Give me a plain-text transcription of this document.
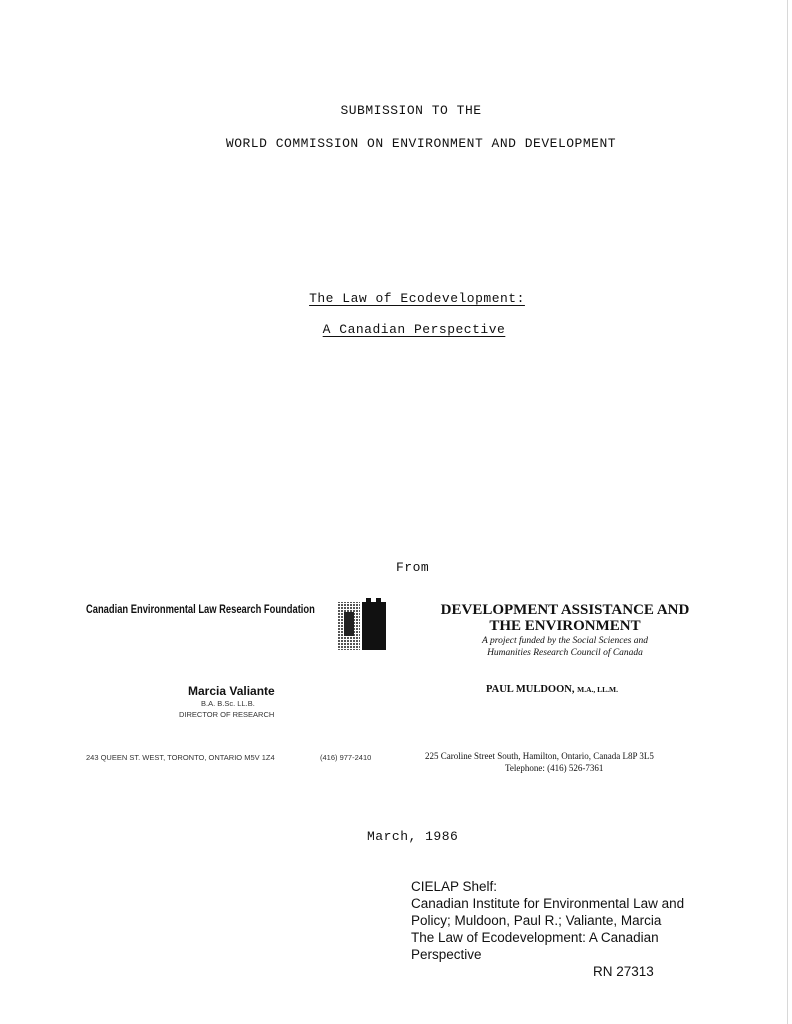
SUBMISSION TO THE
WORLD COMMISSION ON ENVIRONMENT AND DEVELOPMENT
The Law of Ecodevelopment:
A Canadian Perspective
From
Canadian Environmental Law Research Foundation
Marcia Valiante
B.A. B.Sc. LL.B.
DIRECTOR OF RESEARCH
243 QUEEN ST. WEST, TORONTO, ONTARIO M5V 1Z4	(416) 977-2410
DEVELOPMENT ASSISTANCE AND
THE ENVIRONMENT
A project funded by the Social Sciences and
Humanities Research Council of Canada
PAUL MULDOON, M.A., LL.M.
225 Caroline Street South, Hamilton, Ontario, Canada L8P 3L5
Telephone: (416) 526-7361
March, 1986
CIELAP Shelf:
Canadian Institute for Environmental Law and
Policy; Muldoon, Paul R.; Valiante, Marcia
The Law of Ecodevelopment: A Canadian
Perspective
RN 27313
